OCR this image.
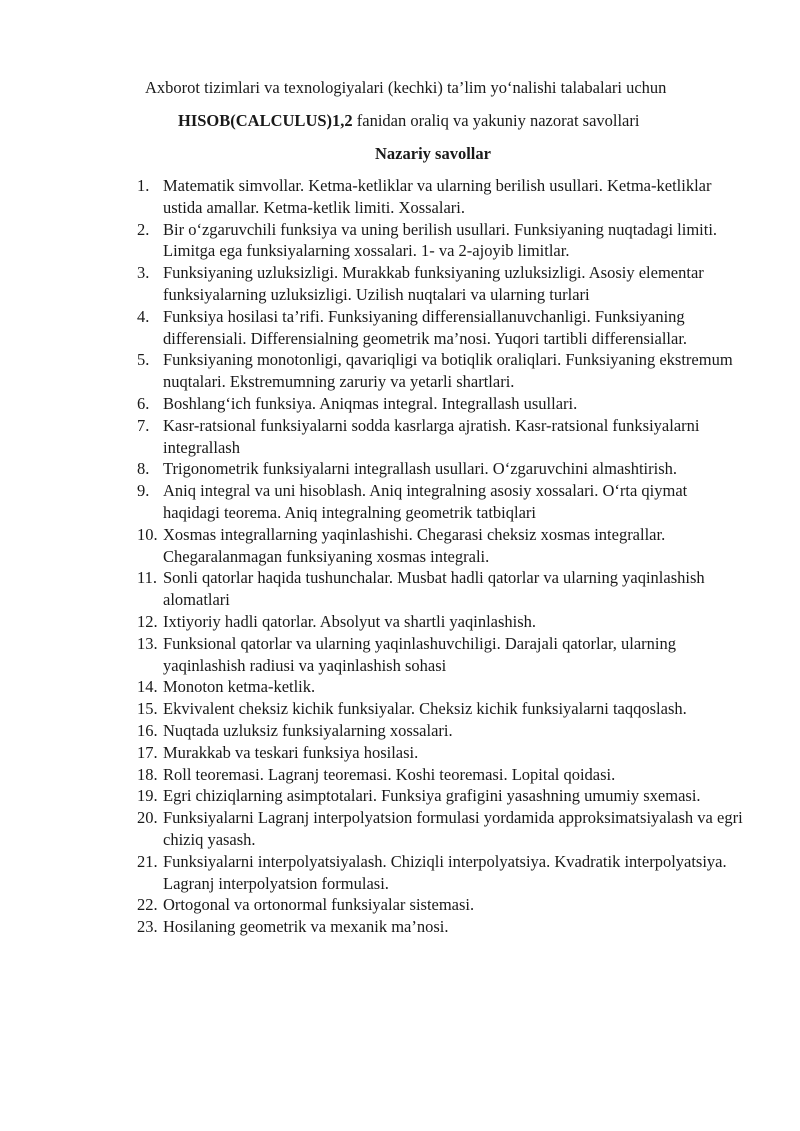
Axborot tizimlari va texnologiyalari (kechki) ta’lim yo‘nalishi talabalari uchun
HISOB(CALCULUS)1,2 fanidan oraliq va yakuniy nazorat savollari
Nazariy savollar
1. Matematik simvollar. Ketma-ketliklar va ularning berilish usullari. Ketma-ketliklar ustida amallar. Ketma-ketlik limiti. Xossalari.
2. Bir o‘zgaruvchili funksiya va uning berilish usullari. Funksiyaning nuqtadagi limiti. Limitga ega funksiyalarning xossalari. 1- va 2-ajoyib limitlar.
3. Funksiyaning uzluksizligi. Murakkab funksiyaning uzluksizligi. Asosiy elementar funksiyalarning uzluksizligi. Uzilish nuqtalari va ularning turlari
4. Funksiya hosilasi ta’rifi. Funksiyaning differensiallanuvchanligi. Funksiyaning differensiali. Differensialning geometrik ma’nosi. Yuqori tartibli differensiallar.
5. Funksiyaning monotonligi, qavariqligi va botiqlik oraliqlari. Funksiyaning ekstremum nuqtalari. Ekstremumning zaruriy va yetarli shartlari.
6. Boshlang‘ich funksiya. Aniqmas integral. Integrallash usullari.
7. Kasr-ratsional funksiyalarni sodda kasrlarga ajratish. Kasr-ratsional funksiyalarni integrallash
8. Trigonometrik funksiyalarni integrallash usullari. O‘zgaruvchini almashtirish.
9. Aniq integral va uni hisoblash. Aniq integralning asosiy xossalari. O‘rta qiymat haqidagi teorema. Aniq integralning geometrik tatbiqlari
10. Xosmas integrallarning yaqinlashishi. Chegarasi cheksiz xosmas integrallar. Chegaralanmagan funksiyaning xosmas integrali.
11. Sonli qatorlar haqida tushunchalar. Musbat hadli qatorlar va ularning yaqinlashish alomatlari
12. Ixtiyoriy hadli qatorlar. Absolyut va shartli yaqinlashish.
13. Funksional qatorlar va ularning yaqinlashuvchiligi. Darajali qatorlar, ularning yaqinlashish radiusi va yaqinlashish sohasi
14. Monoton ketma-ketlik.
15. Ekvivalent cheksiz kichik funksiyalar. Cheksiz kichik funksiyalarni taqqoslash.
16. Nuqtada uzluksiz funksiyalarning xossalari.
17. Murakkab va teskari funksiya hosilasi.
18. Roll teoremasi. Lagranj teoremasi. Koshi teoremasi. Lopital qoidasi.
19. Egri chiziqlarning asimptotalari. Funksiya grafigini yasashning umumiy sxemasi.
20. Funksiyalarni Lagranj interpolyatsion formulasi yordamida approksimatsiyalash va egri chiziq yasash.
21. Funksiyalarni interpolyatsiyalash. Chiziqli interpolyatsiya. Kvadratik interpolyatsiya. Lagranj interpolyatsion formulasi.
22. Ortogonal va ortonormal funksiyalar sistemasi.
23. Hosilaning geometrik va mexanik ma’nosi.
